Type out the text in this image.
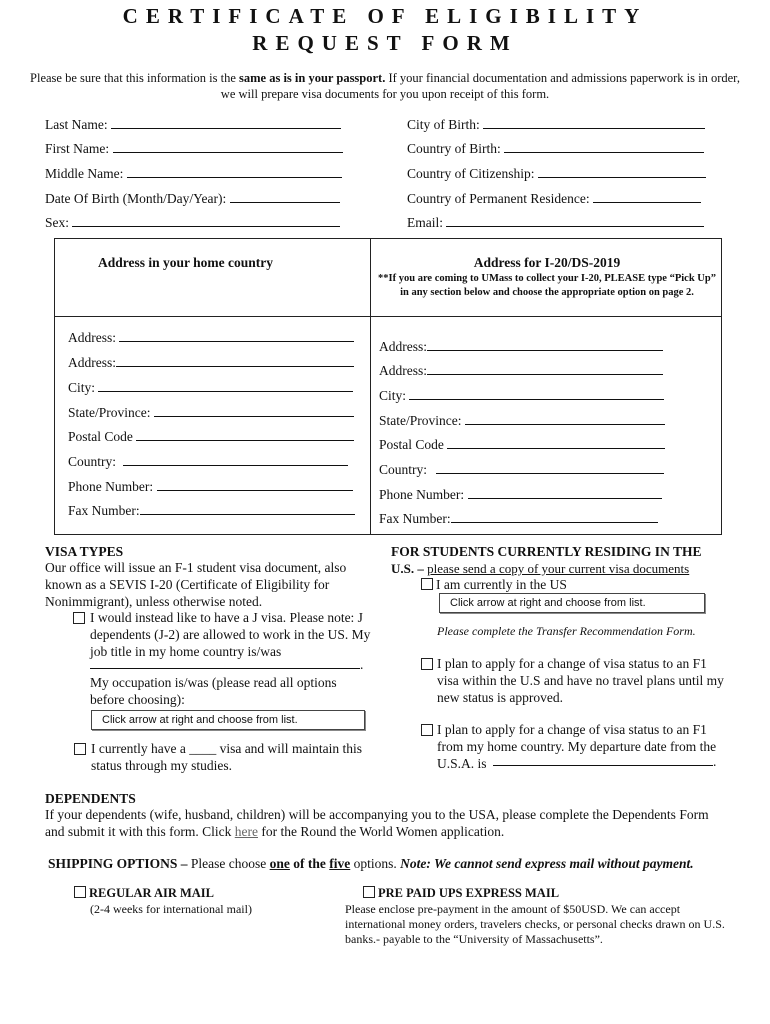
CERTIFICATE OF ELIGIBILITY
REQUEST FORM
Please be sure that this information is the same as is in your passport. If your financial documentation and admissions paperwork is in order, we will prepare visa documents for you upon receipt of this form.
Last Name:
First Name:
Middle Name:
Date Of Birth (Month/Day/Year):
Sex:
City of Birth:
Country of Birth:
Country of Citizenship:
Country of Permanent Residence:
Email:
Address in your home country	Address for I-20/DS-2019
**If you are coming to UMass to collect your I-20, PLEASE type “Pick Up” in any section below and choose the appropriate option on page 2.
Address:
Address:
City:
State/Province:
Postal Code
Country:
Phone Number:
Fax Number:
Address:
Address:
City:
State/Province:
Postal Code
Country:
Phone Number:
Fax Number:
VISA TYPES
Our office will issue an F-1 student visa document, also known as a SEVIS I-20 (Certificate of Eligibility for Nonimmigrant), unless otherwise noted.
I would instead like to have a J visa. Please note: J dependents (J-2) are allowed to work in the US. My job title in my home country is/was
.
My occupation is/was (please read all options before choosing):
Click arrow at right and choose from list.
I currently have a ____ visa and will maintain this status through my studies.
FOR STUDENTS CURRENTLY RESIDING IN THE
U.S. – please send a copy of your current visa documents
I am currently in the US
Click arrow at right and choose from list.
Please complete the Transfer Recommendation Form.
I plan to apply for a change of visa status to an F1 visa within the U.S and have no travel plans until my new status is approved.
I plan to apply for a change of visa status to an F1 from my home country. My departure date from the U.S.A. is	.
DEPENDENTS
If your dependents (wife, husband, children) will be accompanying you to the USA, please complete the Dependents Form and submit it with this form. Click here for the Round the World Women application.
SHIPPING OPTIONS – Please choose one of the five options. Note: We cannot send express mail without payment.
REGULAR AIR MAIL
(2-4 weeks for international mail)
PRE PAID UPS EXPRESS MAIL
Please enclose pre-payment in the amount of $50USD. We can accept international money orders, travelers checks, or personal checks drawn on U.S. banks.- payable to the “University of Massachusetts”.
